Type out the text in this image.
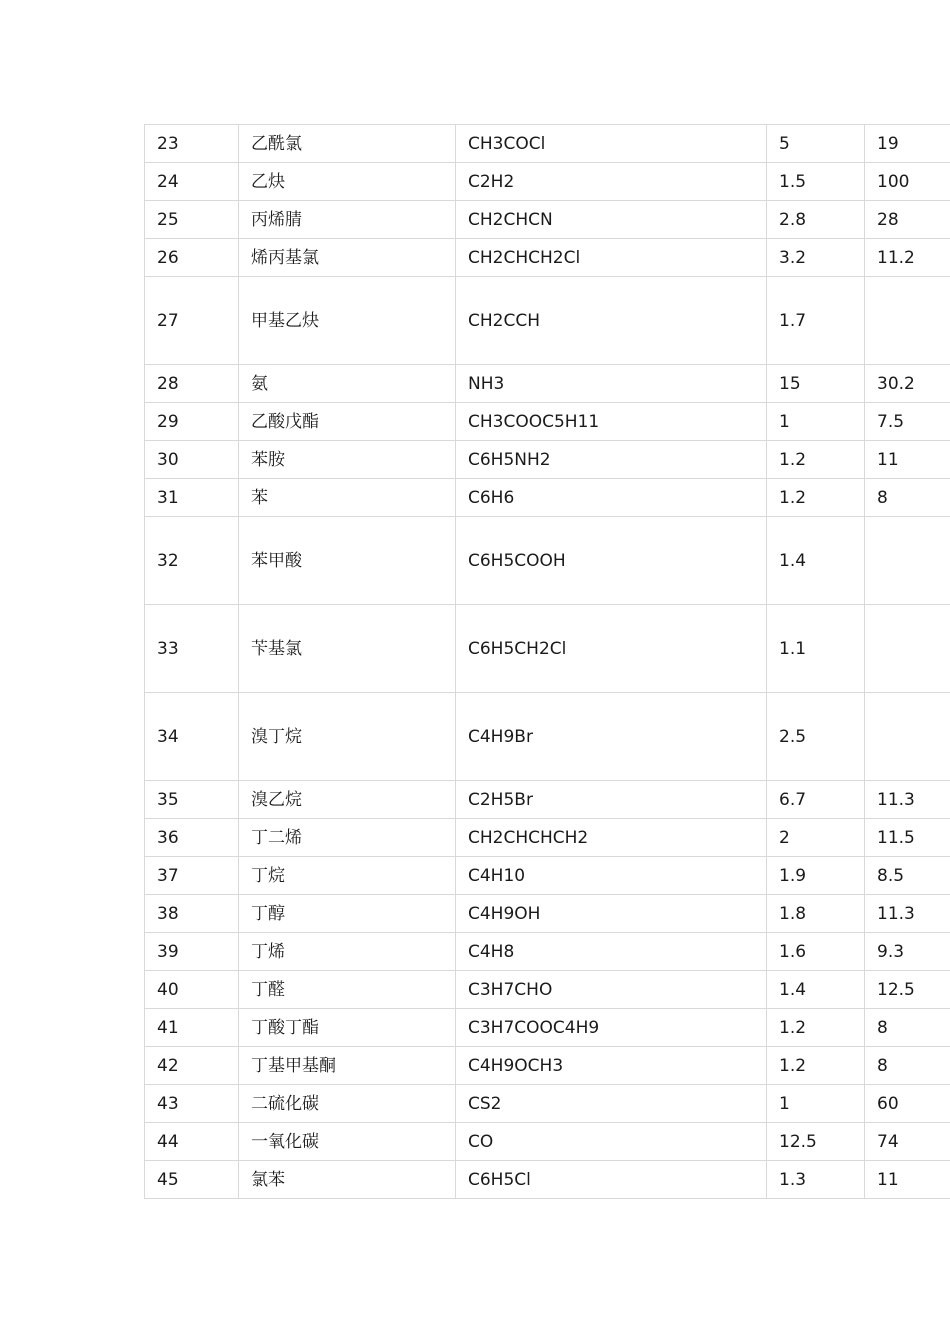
23	乙酰氯	CH3COCl	5	19
24	乙炔	C2H2	1.5	100
25	丙烯腈	CH2CHCN	2.8	28
26	烯丙基氯	CH2CHCH2Cl	3.2	11.2
27	甲基乙炔	CH2CCH	1.7	
28	氨	NH3	15	30.2
29	乙酸戊酯	CH3COOC5H11	1	7.5
30	苯胺	C6H5NH2	1.2	11
31	苯	C6H6	1.2	8
32	苯甲酸	C6H5COOH	1.4	
33	苄基氯	C6H5CH2Cl	1.1	
34	溴丁烷	C4H9Br	2.5	
35	溴乙烷	C2H5Br	6.7	11.3
36	丁二烯	CH2CHCHCH2	2	11.5
37	丁烷	C4H10	1.9	8.5
38	丁醇	C4H9OH	1.8	11.3
39	丁烯	C4H8	1.6	9.3
40	丁醛	C3H7CHO	1.4	12.5
41	丁酸丁酯	C3H7COOC4H9	1.2	8
42	丁基甲基酮	C4H9OCH3	1.2	8
43	二硫化碳	CS2	1	60
44	一氧化碳	CO	12.5	74
45	氯苯	C6H5Cl	1.3	11
